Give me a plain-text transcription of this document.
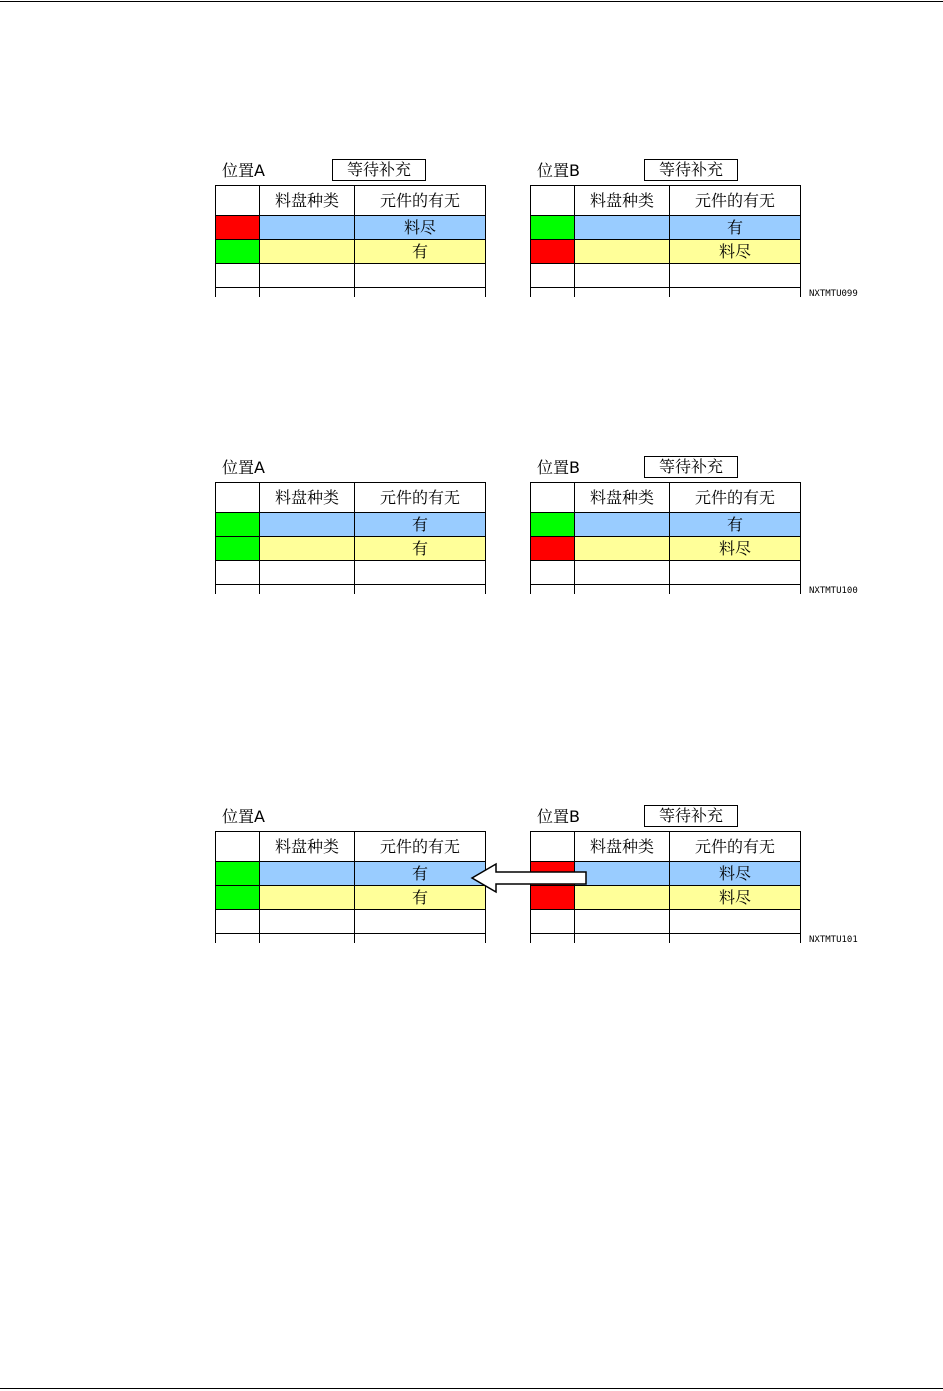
位置A	等待补充
	料盘种类	元件的有无
		料尽
		有

位置B	等待补充
	料盘种类	元件的有无
		有
		料尽

NXTMTU099
位置A
	料盘种类	元件的有无
		有
		有

位置B	等待补充
	料盘种类	元件的有无
		有
		料尽

NXTMTU100
位置A
	料盘种类	元件的有无
		有
		有

位置B	等待补充
	料盘种类	元件的有无
		料尽
		料尽

NXTMTU101
